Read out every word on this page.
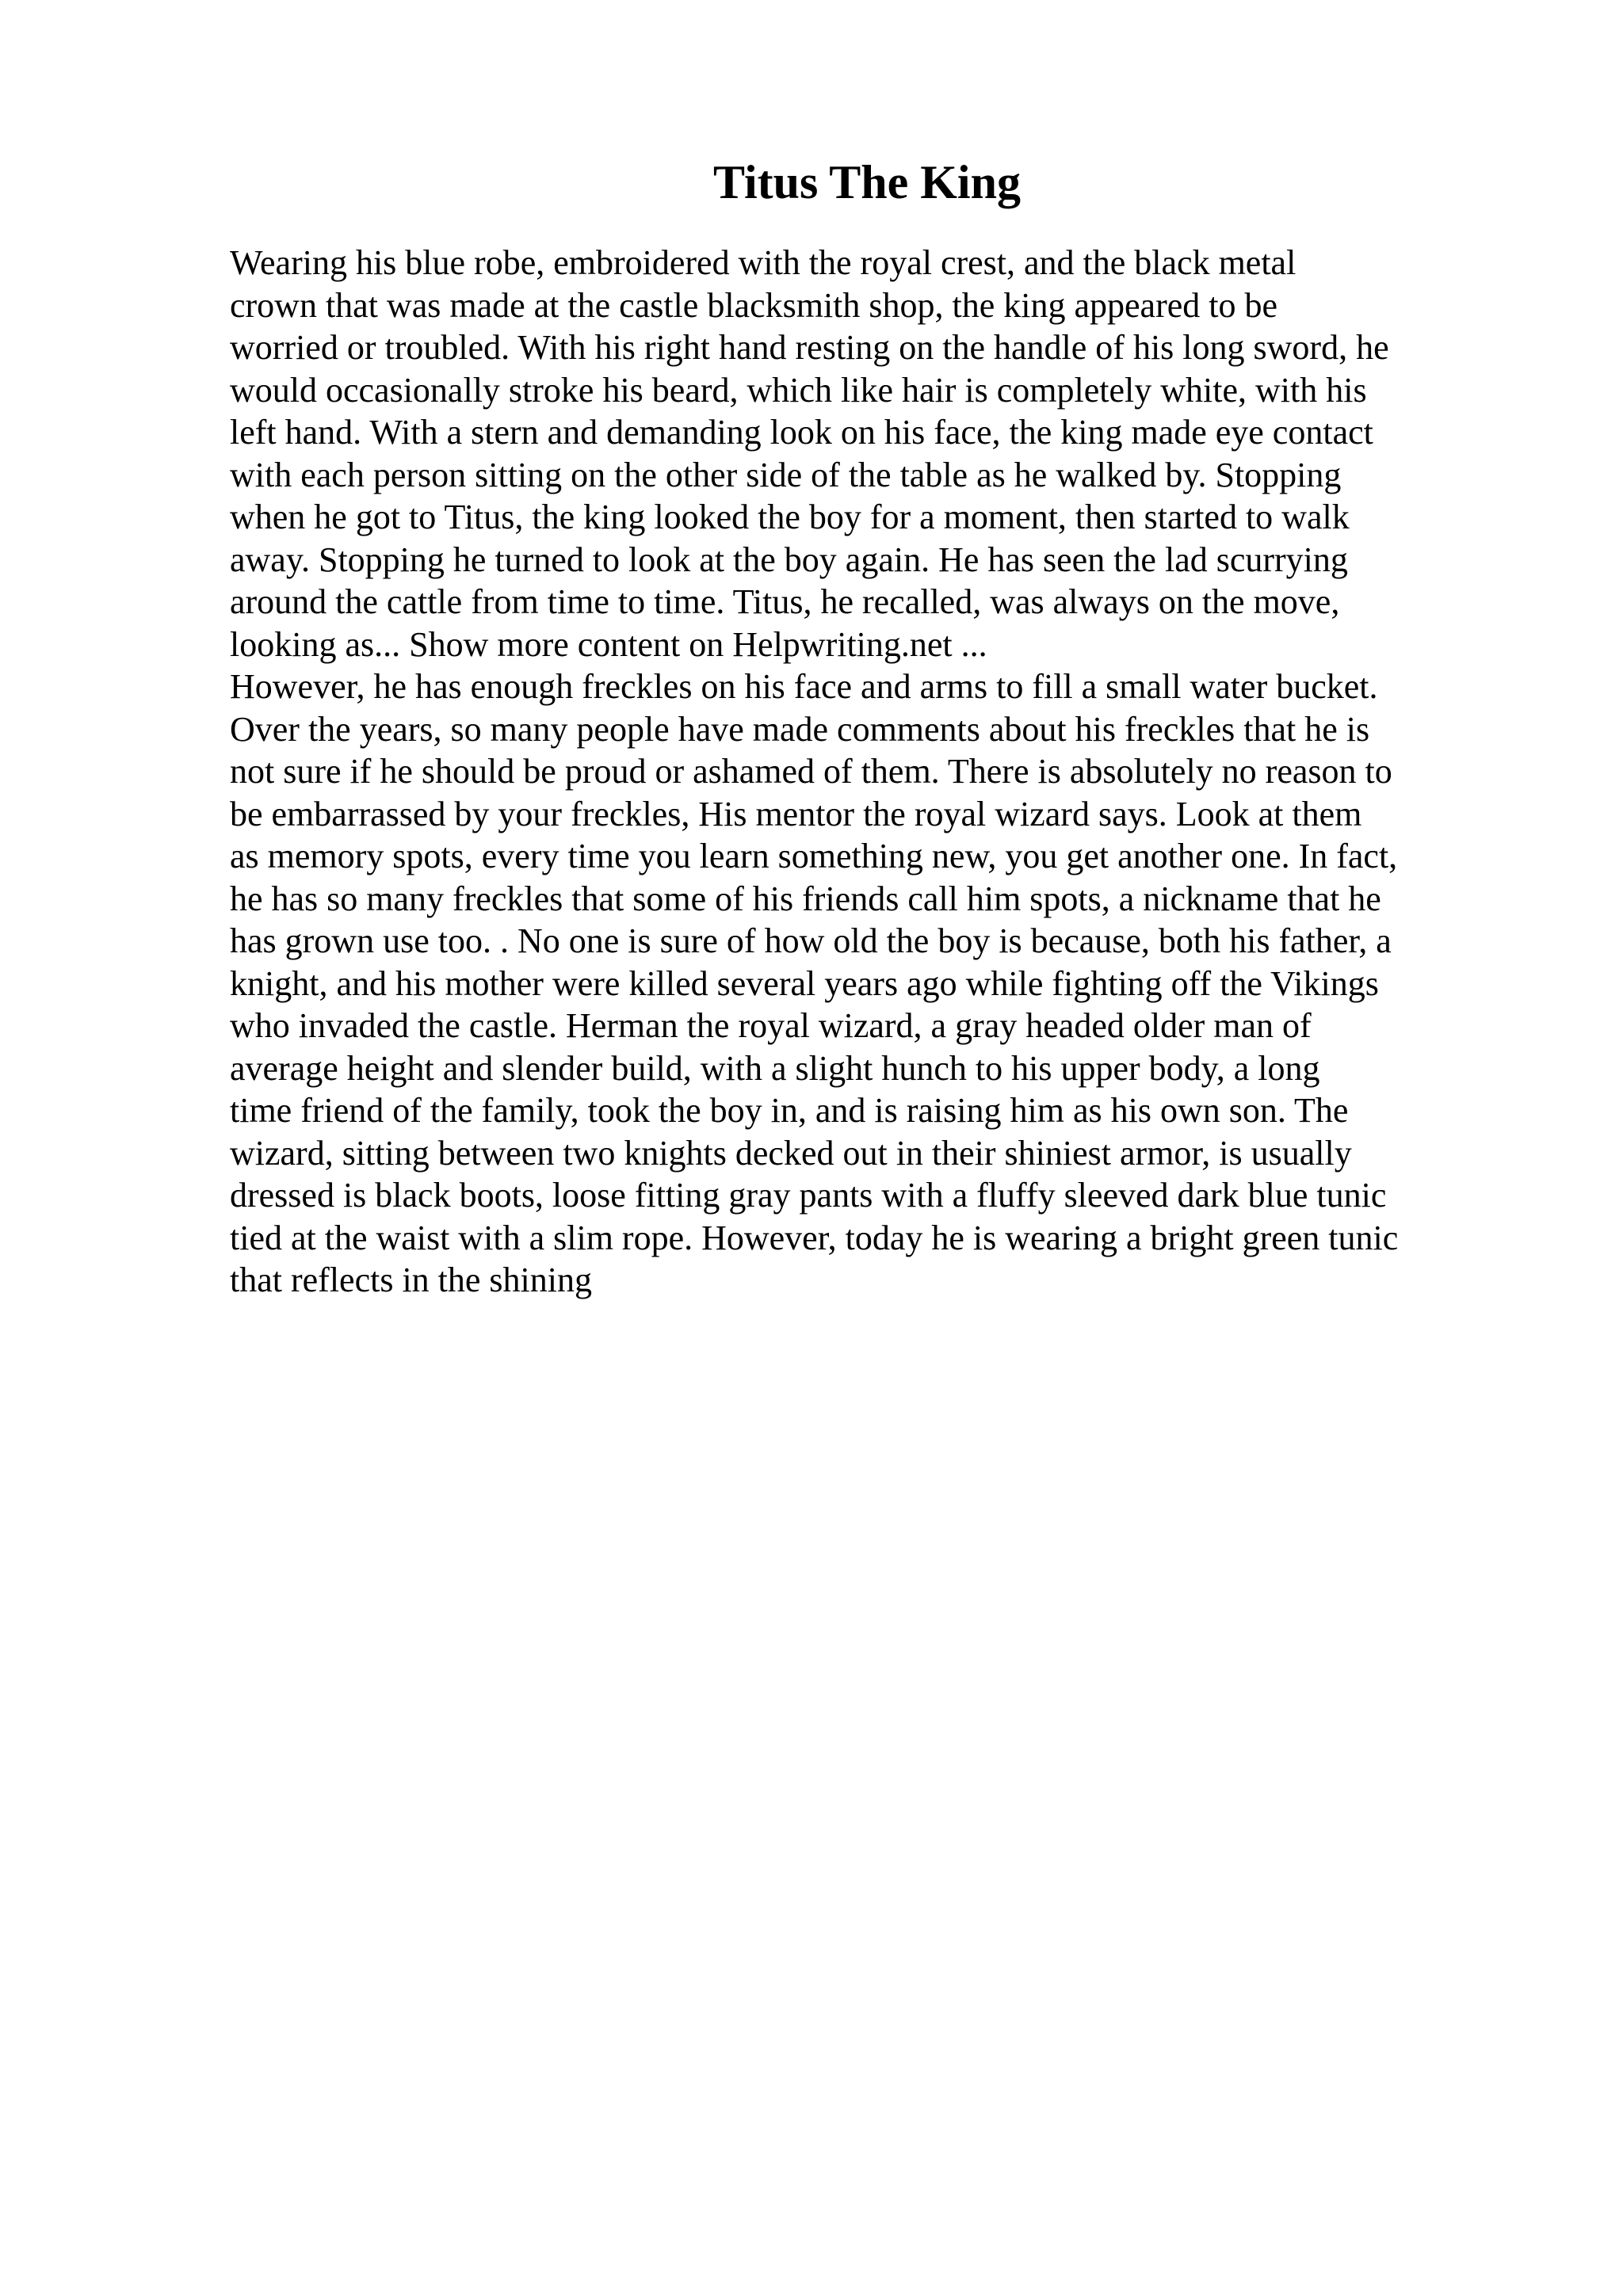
Titus The King
Wearing his blue robe, embroidered with the royal crest, and the black metal
crown that was made at the castle blacksmith shop, the king appeared to be
worried or troubled. With his right hand resting on the handle of his long sword, he
would occasionally stroke his beard, which like hair is completely white, with his
left hand. With a stern and demanding look on his face, the king made eye contact
with each person sitting on the other side of the table as he walked by. Stopping
when he got to Titus, the king looked the boy for a moment, then started to walk
away. Stopping he turned to look at the boy again. He has seen the lad scurrying
around the cattle from time to time. Titus, he recalled, was always on the move,
looking as... Show more content on Helpwriting.net ...
However, he has enough freckles on his face and arms to fill a small water bucket.
Over the years, so many people have made comments about his freckles that he is
not sure if he should be proud or ashamed of them. There is absolutely no reason to
be embarrassed by your freckles, His mentor the royal wizard says. Look at them
as memory spots, every time you learn something new, you get another one. In fact,
he has so many freckles that some of his friends call him spots, a nickname that he
has grown use too. . No one is sure of how old the boy is because, both his father, a
knight, and his mother were killed several years ago while fighting off the Vikings
who invaded the castle. Herman the royal wizard, a gray headed older man of
average height and slender build, with a slight hunch to his upper body, a long
time friend of the family, took the boy in, and is raising him as his own son. The
wizard, sitting between two knights decked out in their shiniest armor, is usually
dressed is black boots, loose fitting gray pants with a fluffy sleeved dark blue tunic
tied at the waist with a slim rope. However, today he is wearing a bright green tunic
that reflects in the shining
